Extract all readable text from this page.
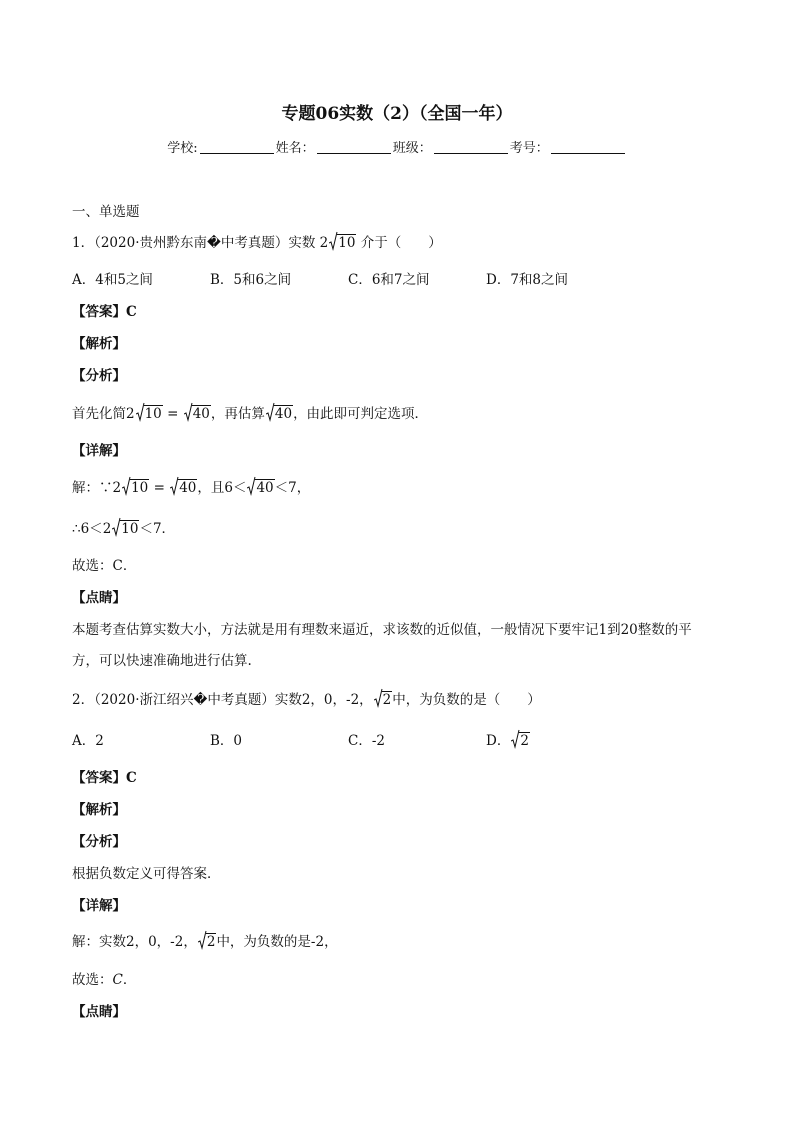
专题06实数（2）（全国一年）
学校:	姓名：	班级：	考号：
一、单选题
1．（2020·贵州黔东南�中考真题）实数 2 10 介于（　　）
A．4和5之间	B．5和6之间	C．6和7之间	D．7和8之间
【答案】C
【解析】
【分析】
首先化简2 10 = 40，再估算 40，由此即可判定选项．
【详解】
解：∵2 10 = 40，且6＜ 40＜7，
∴6＜2 10＜7．
故选：C．
【点睛】
本题考查估算实数大小，方法就是用有理数来逼近，求该数的近似值，一般情况下要牢记1到20整数的平
方，可以快速准确地进行估算.
2．（2020·浙江绍兴�中考真题）实数2，0，-2， 2中，为负数的是（　　）
A．2	B．0	C．-2	D． 2
【答案】C
【解析】
【分析】
根据负数定义可得答案．
【详解】
解：实数2，0，-2， 2中，为负数的是-2，
故选：C．
【点睛】
